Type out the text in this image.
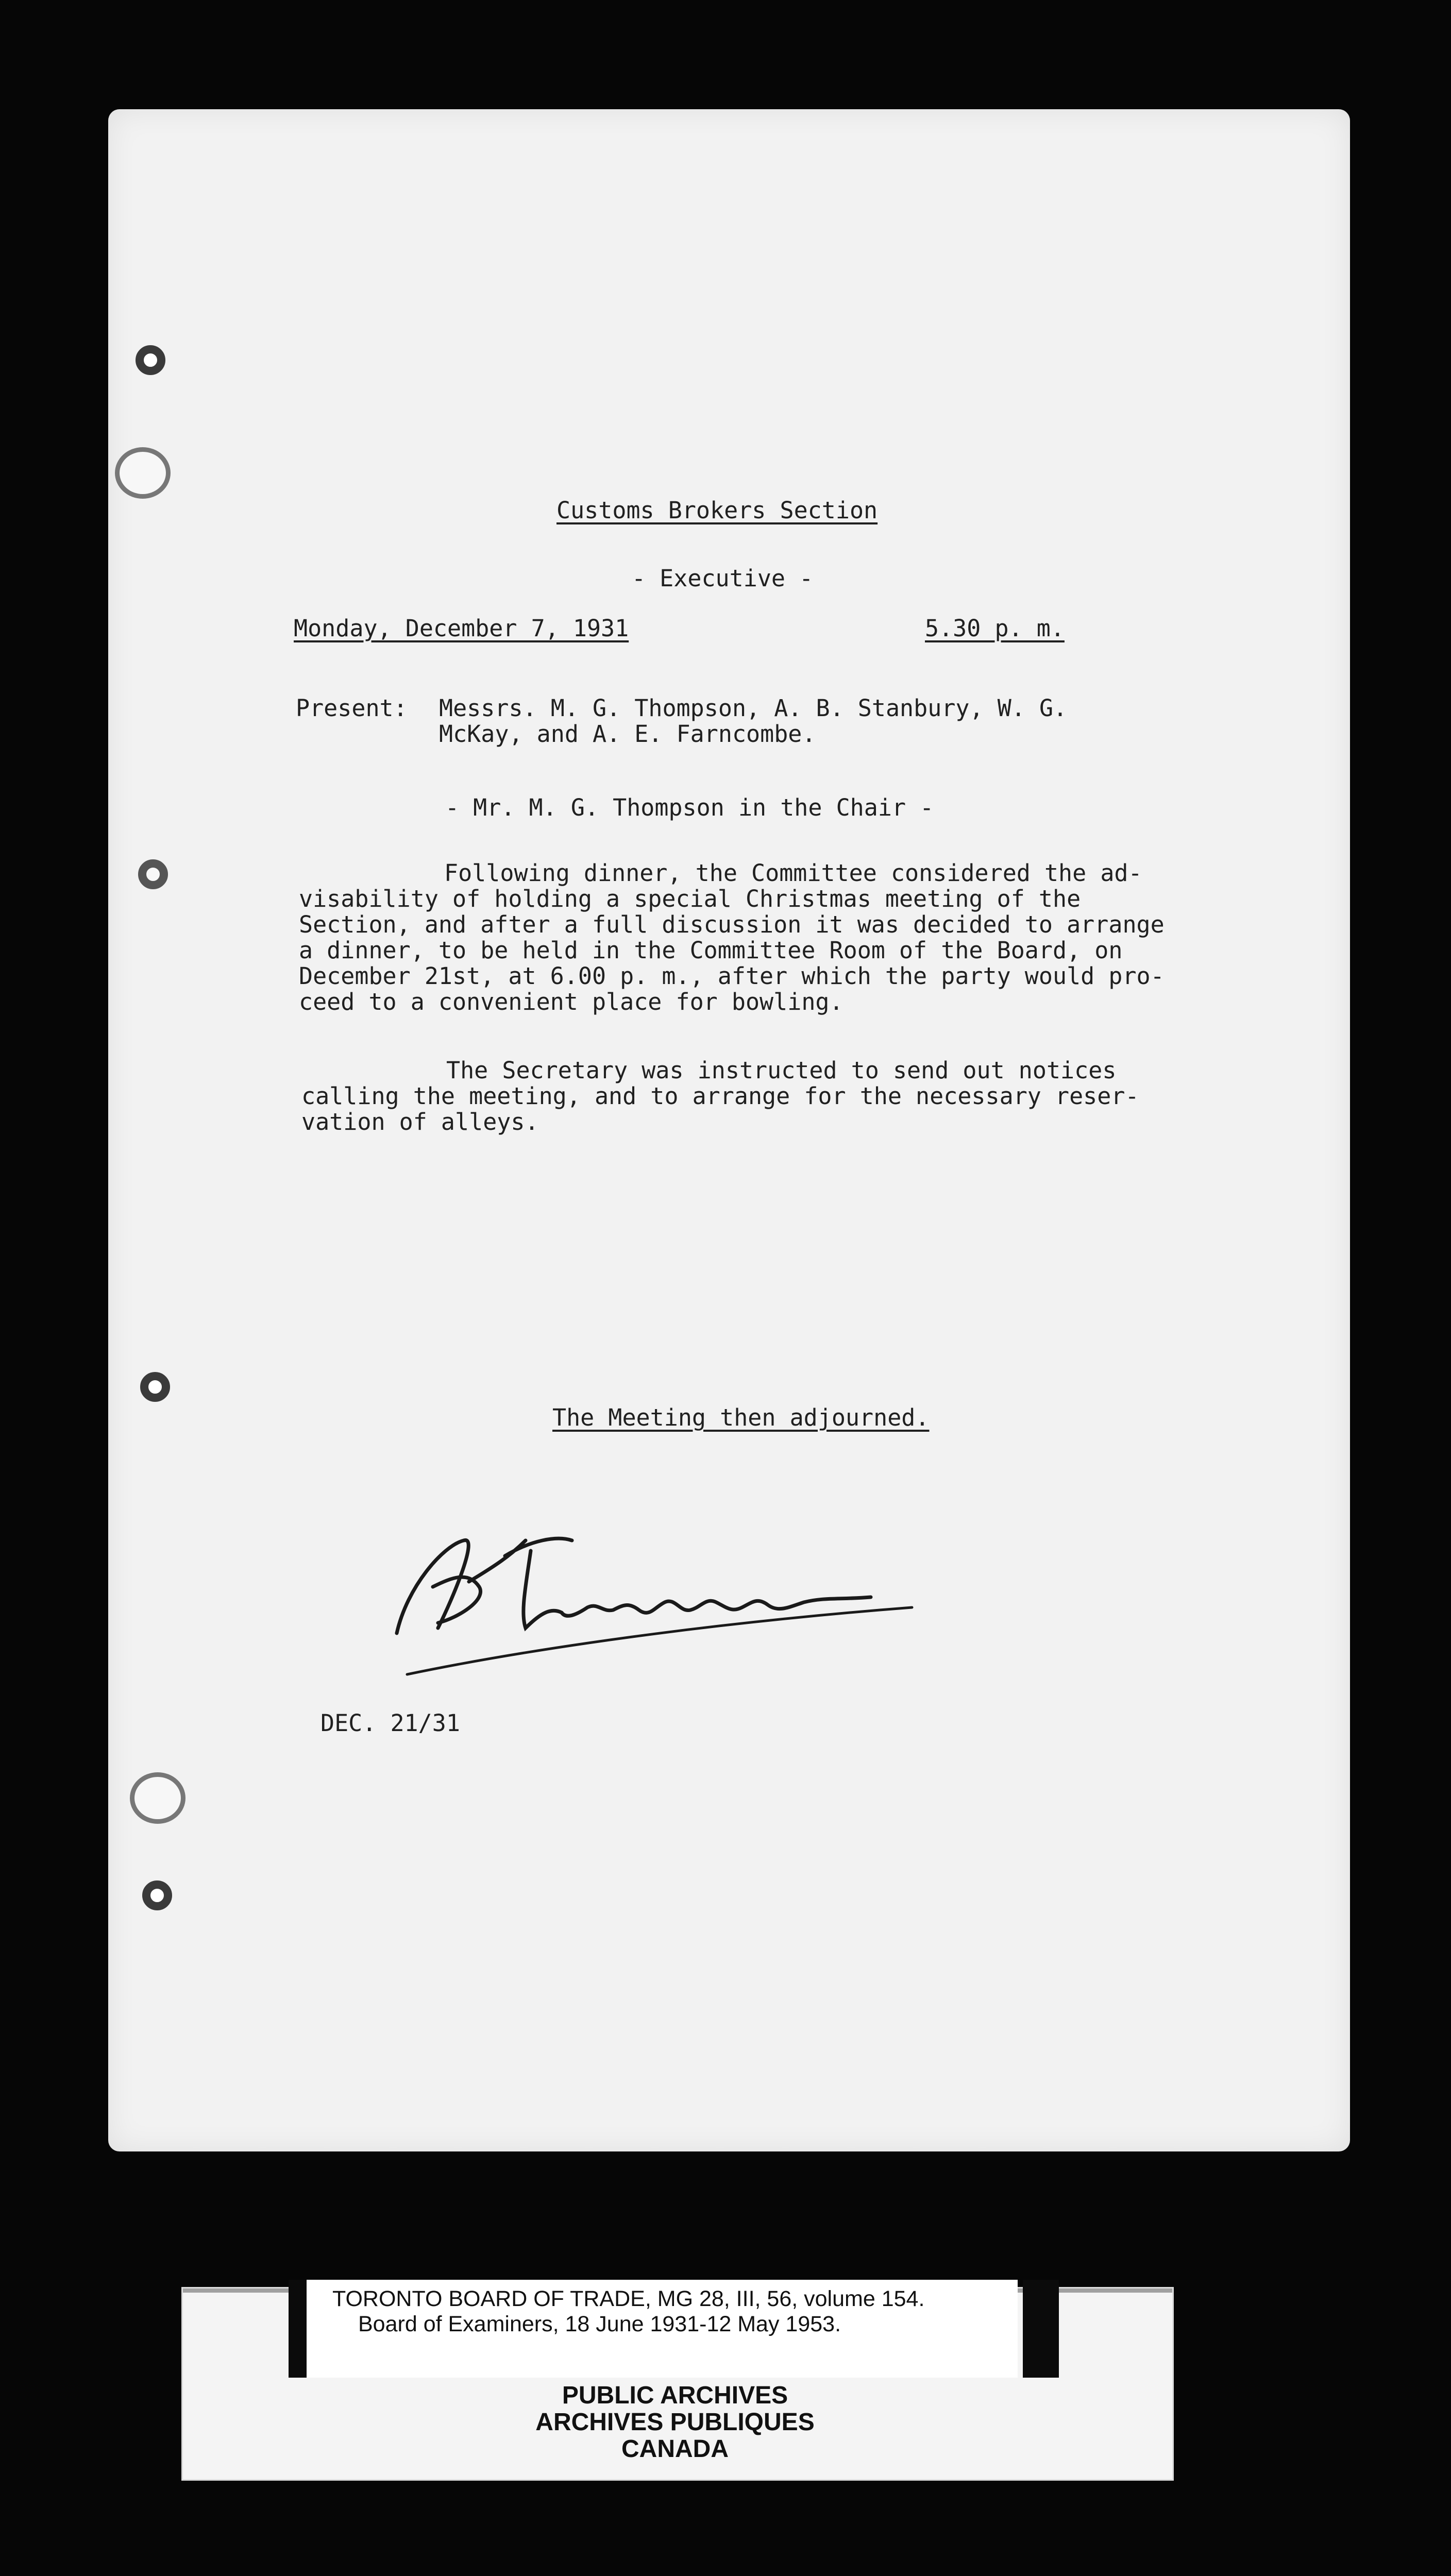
Customs Brokers Section
- Executive -
Monday, December 7, 1931	5.30 p. m.
Present: Messrs. M. G. Thompson, A. B. Stanbury, W. G.
McKay, and A. E. Farncombe.
- Mr. M. G. Thompson in the Chair -
Following dinner, the Committee considered the ad-
visability of holding a special Christmas meeting of the
Section, and after a full discussion it was decided to arrange
a dinner, to be held in the Committee Room of the Board, on
December 21st, at 6.00 p. m., after which the party would pro-
ceed to a convenient place for bowling.
The Secretary was instructed to send out notices
calling the meeting, and to arrange for the necessary reser-
vation of alleys.
The Meeting then adjourned.
DEC. 21/31
TORONTO BOARD OF TRADE, MG 28, III, 56, volume 154.
Board of Examiners, 18 June 1931-12 May 1953.
PUBLIC ARCHIVES
ARCHIVES PUBLIQUES
CANADA
